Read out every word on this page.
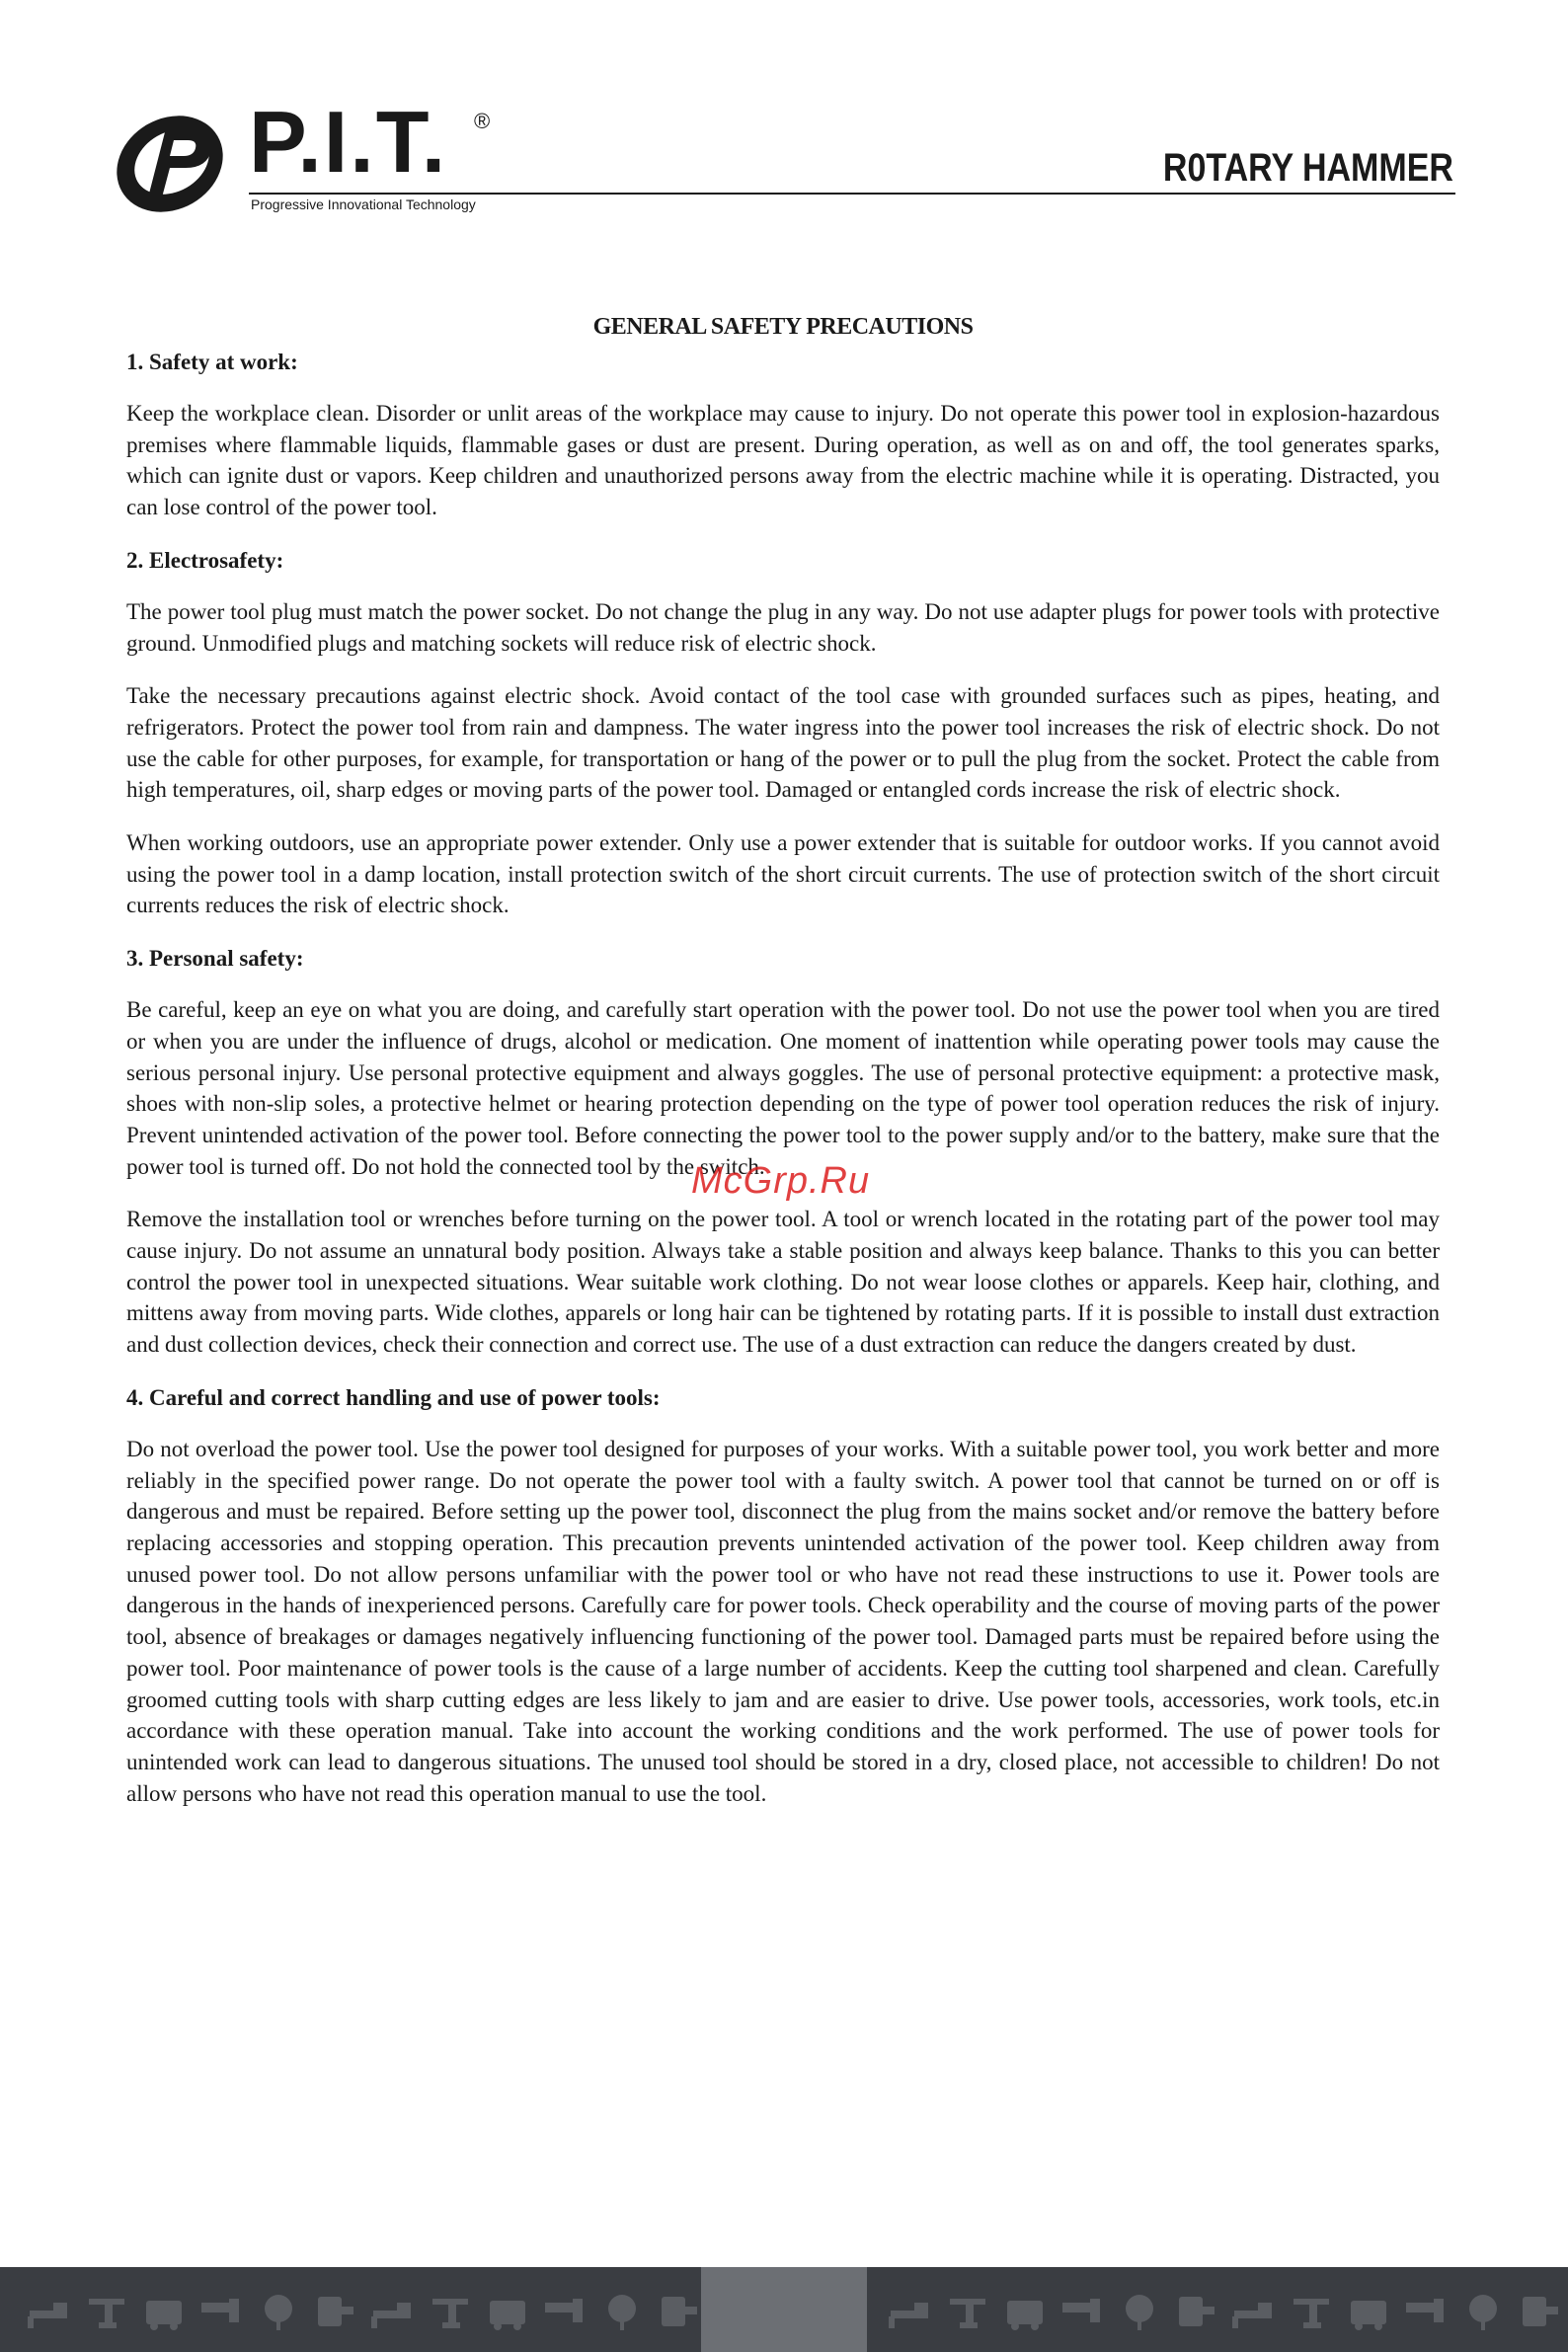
P.I.T. ®
Progressive Innovational Technology
R0TARY HAMMER
GENERAL SAFETY PRECAUTIONS
1. Safety at work:

Keep the workplace clean. Disorder or unlit areas of the workplace may cause to injury. Do not operate this power tool in explosion-hazardous premises where flammable liquids, flammable gases or dust are present. During operation, as well as on and off, the tool generates sparks, which can ignite dust or vapors. Keep children and unauthorized persons away from the electric machine while it is operating. Distracted, you can lose control of the power tool.

2. Electrosafety:

The power tool plug must match the power socket. Do not change the plug in any way. Do not use adapter plugs for power tools with protective ground. Unmodified plugs and matching sockets will reduce risk of electric shock.

Take the necessary precautions against electric shock. Avoid contact of the tool case with grounded surfaces such as pipes, heating, and refrigerators. Protect the power tool from rain and dampness. The water ingress into the power tool increases the risk of electric shock. Do not use the cable for other purposes, for example, for transportation or hang of the power or to pull the plug from the socket. Protect the cable from high temperatures, oil, sharp edges or moving parts of the power tool. Damaged or entangled cords increase the risk of electric shock.

When working outdoors, use an appropriate power extender. Only use a power extender that is suitable for outdoor works. If you cannot avoid using the power tool in a damp location, install protection switch of the short circuit currents. The use of protection switch of the short circuit currents reduces the risk of electric shock.

3. Personal safety:

Be careful, keep an eye on what you are doing, and carefully start operation with the power tool. Do not use the power tool when you are tired or when you are under the influence of drugs, alcohol or medication. One moment of inattention while operating power tools may cause the serious personal injury. Use personal protective equipment and always goggles. The use of personal protective equipment: a protective mask, shoes with non-slip soles, a protective helmet or hearing protection depending on the type of power tool operation reduces the risk of injury. Prevent unintended activation of the power tool. Before connecting the power tool to the power supply and/or to the battery, make sure that the power tool is turned off. Do not hold the connected tool by the switch.

Remove the installation tool or wrenches before turning on the power tool. A tool or wrench located in the rotating part of the power tool may cause injury. Do not assume an unnatural body position. Always take a stable position and always keep balance. Thanks to this you can better control the power tool in unexpected situations. Wear suitable work clothing. Do not wear loose clothes or apparels. Keep hair, clothing, and mittens away from moving parts. Wide clothes, apparels or long hair can be tightened by rotating parts. If it is possible to install dust extraction and dust collection devices, check their connection and correct use. The use of a dust extraction can reduce the dangers created by dust.

4. Careful and correct handling and use of power tools:

Do not overload the power tool. Use the power tool designed for purposes of your works. With a suitable power tool, you work better and more reliably in the specified power range. Do not operate the power tool with a faulty switch. A power tool that cannot be turned on or off is dangerous and must be repaired. Before setting up the power tool, disconnect the plug from the mains socket and/or remove the battery before replacing accessories and stopping operation. This precaution prevents unintended activation of the power tool. Keep children away from unused power tool. Do not allow persons unfamiliar with the power tool or who have not read these instructions to use it. Power tools are dangerous in the hands of inexperienced persons. Carefully care for power tools. Check operability and the course of moving parts of the power tool, absence of breakages or damages negatively influencing functioning of the power tool. Damaged parts must be repaired before using the power tool. Poor maintenance of power tools is the cause of a large number of accidents. Keep the cutting tool sharpened and clean. Carefully groomed cutting tools with sharp cutting edges are less likely to jam and are easier to drive. Use power tools, accessories, work tools, etc.in accordance with these operation manual. Take into account the working conditions and the work performed. The use of power tools for unintended work can lead to dangerous situations. The unused tool should be stored in a dry, closed place, not accessible to children! Do not allow persons who have not read this operation manual to use the tool.

McGrp.Ru
